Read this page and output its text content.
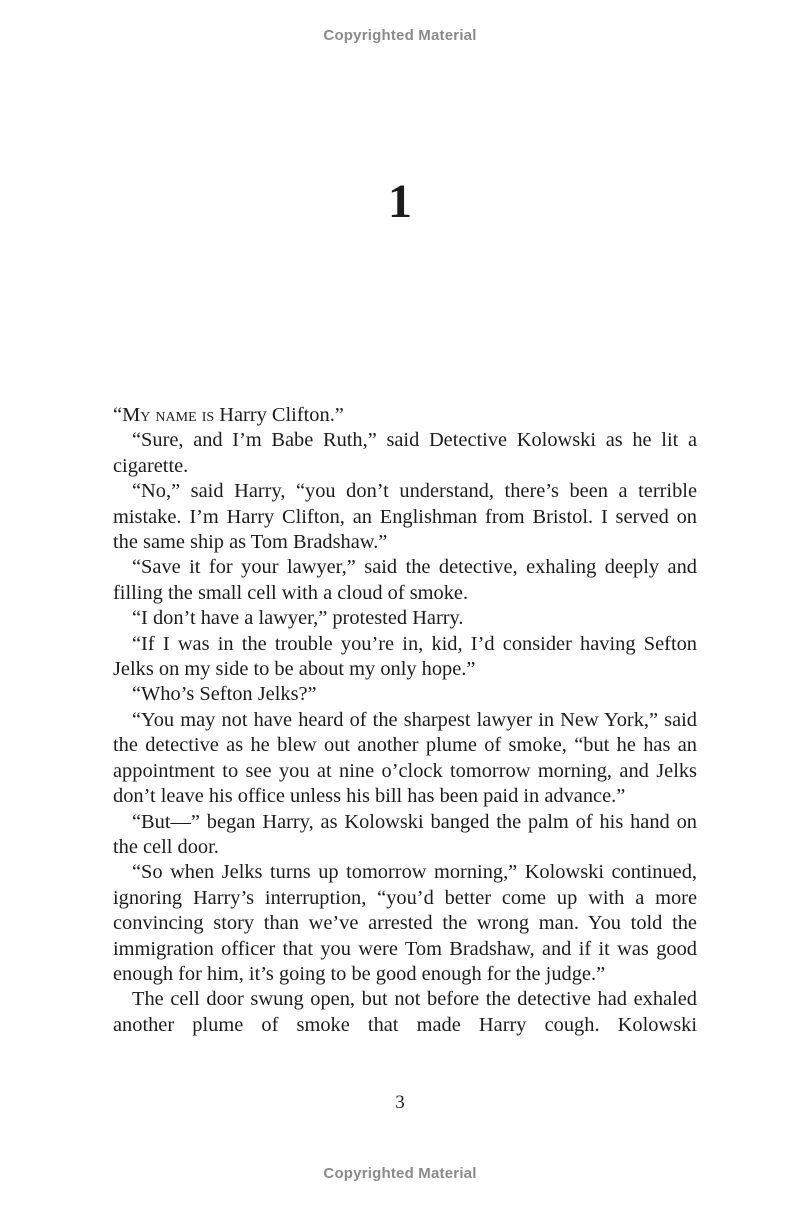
Copyrighted Material
1

“My name is Harry Clifton.”

“Sure, and I’m Babe Ruth,” said Detective Kolowski as he lit a cigarette.

“No,” said Harry, “you don’t understand, there’s been a terrible mistake. I’m Harry Clifton, an Englishman from Bristol. I served on the same ship as Tom Bradshaw.”

“Save it for your lawyer,” said the detective, exhaling deeply and filling the small cell with a cloud of smoke.

“I don’t have a lawyer,” protested Harry.

“If I was in the trouble you’re in, kid, I’d consider having Sefton Jelks on my side to be about my only hope.”

“Who’s Sefton Jelks?”

“You may not have heard of the sharpest lawyer in New York,” said the detective as he blew out another plume of smoke, “but he has an appointment to see you at nine o’clock tomorrow morning, and Jelks don’t leave his office unless his bill has been paid in advance.”

“But—” began Harry, as Kolowski banged the palm of his hand on the cell door.

“So when Jelks turns up tomorrow morning,” Kolowski continued, ignoring Harry’s interruption, “you’d better come up with a more convincing story than we’ve arrested the wrong man. You told the immigration officer that you were Tom Bradshaw, and if it was good enough for him, it’s going to be good enough for the judge.”

The cell door swung open, but not before the detective had exhaled another plume of smoke that made Harry cough. Kolowski

3
Copyrighted Material
